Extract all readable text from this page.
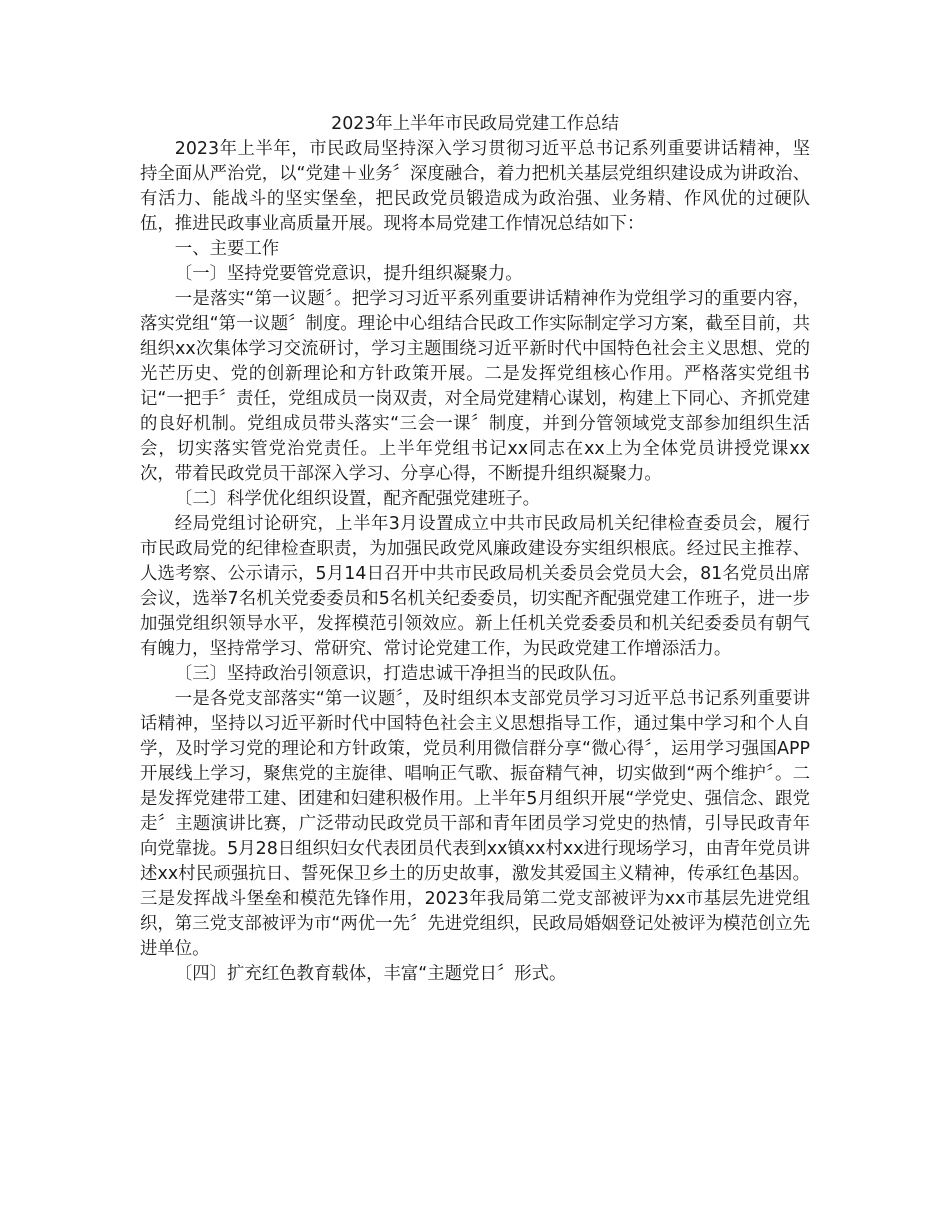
2023年上半年市民政局党建工作总结

2023年上半年，市民政局坚持深入学习贯彻习近平总书记系列重要讲话精神，坚持全面从严治党，以“党建＋业务〞深度融合，着力把机关基层党组织建设成为讲政治、有活力、能战斗的坚实堡垒，把民政党员锻造成为政治强、业务精、作风优的过硬队伍，推进民政事业高质量开展。现将本局党建工作情况总结如下：

一、主要工作

〔一〕坚持党要管党意识，提升组织凝聚力。

一是落实“第一议题〞。把学习习近平系列重要讲话精神作为党组学习的重要内容，落实党组“第一议题〞制度。理论中心组结合民政工作实际制定学习方案，截至目前，共组织xx次集体学习交流研讨，学习主题围绕习近平新时代中国特色社会主义思想、党的光芒历史、党的创新理论和方针政策开展。二是发挥党组核心作用。严格落实党组书记“一把手〞责任，党组成员一岗双责，对全局党建精心谋划，构建上下同心、齐抓党建的良好机制。党组成员带头落实“三会一课〞制度，并到分管领域党支部参加组织生活会，切实落实管党治党责任。上半年党组书记xx同志在xx上为全体党员讲授党课xx次，带着民政党员干部深入学习、分享心得，不断提升组织凝聚力。

〔二〕科学优化组织设置，配齐配强党建班子。

经局党组讨论研究，上半年3月设置成立中共市民政局机关纪律检查委员会，履行市民政局党的纪律检查职责，为加强民政党风廉政建设夯实组织根底。经过民主推荐、人选考察、公示请示，5月14日召开中共市民政局机关委员会党员大会，81名党员出席会议，选举7名机关党委委员和5名机关纪委委员，切实配齐配强党建工作班子，进一步加强党组织领导水平，发挥模范引领效应。新上任机关党委委员和机关纪委委员有朝气有魄力，坚持常学习、常研究、常讨论党建工作，为民政党建工作增添活力。

〔三〕坚持政治引领意识，打造忠诚干净担当的民政队伍。

一是各党支部落实“第一议题〞，及时组织本支部党员学习习近平总书记系列重要讲话精神，坚持以习近平新时代中国特色社会主义思想指导工作，通过集中学习和个人自学，及时学习党的理论和方针政策，党员利用微信群分享“微心得〞，运用学习强国APP开展线上学习，聚焦党的主旋律、唱响正气歌、振奋精气神，切实做到“两个维护〞。二是发挥党建带工建、团建和妇建积极作用。上半年5月组织开展“学党史、强信念、跟党走〞主题演讲比赛，广泛带动民政党员干部和青年团员学习党史的热情，引导民政青年向党靠拢。5月28日组织妇女代表团员代表到xx镇xx村xx进行现场学习，由青年党员讲述xx村民顽强抗日、誓死保卫乡土的历史故事，激发其爱国主义精神，传承红色基因。三是发挥战斗堡垒和模范先锋作用，2023年我局第二党支部被评为xx市基层先进党组织，第三党支部被评为市“两优一先〞先进党组织，民政局婚姻登记处被评为模范创立先进单位。

〔四〕扩充红色教育载体，丰富“主题党日〞形式。
